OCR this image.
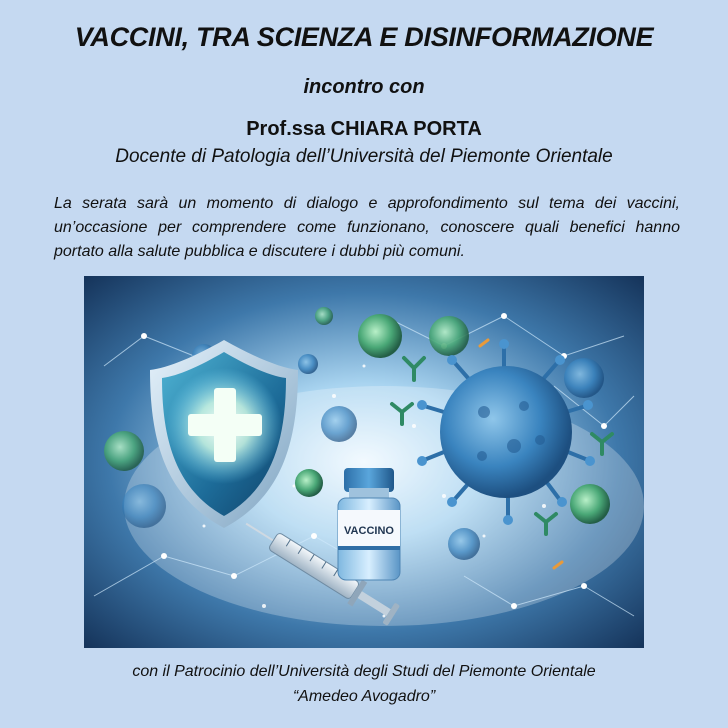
VACCINI, TRA SCIENZA E DISINFORMAZIONE
incontro con
Prof.ssa CHIARA PORTA
Docente di Patologia dell’Università del Piemonte Orientale
La serata sarà un momento di dialogo e approfondimento sul tema dei vaccini, un’occasione per comprendere come funzionano, conoscere quali benefici hanno portato alla salute pubblica e discutere i dubbi più comuni.
VACCINO
con il Patrocinio dell’Università degli Studi del Piemonte Orientale
“Amedeo Avogadro”
